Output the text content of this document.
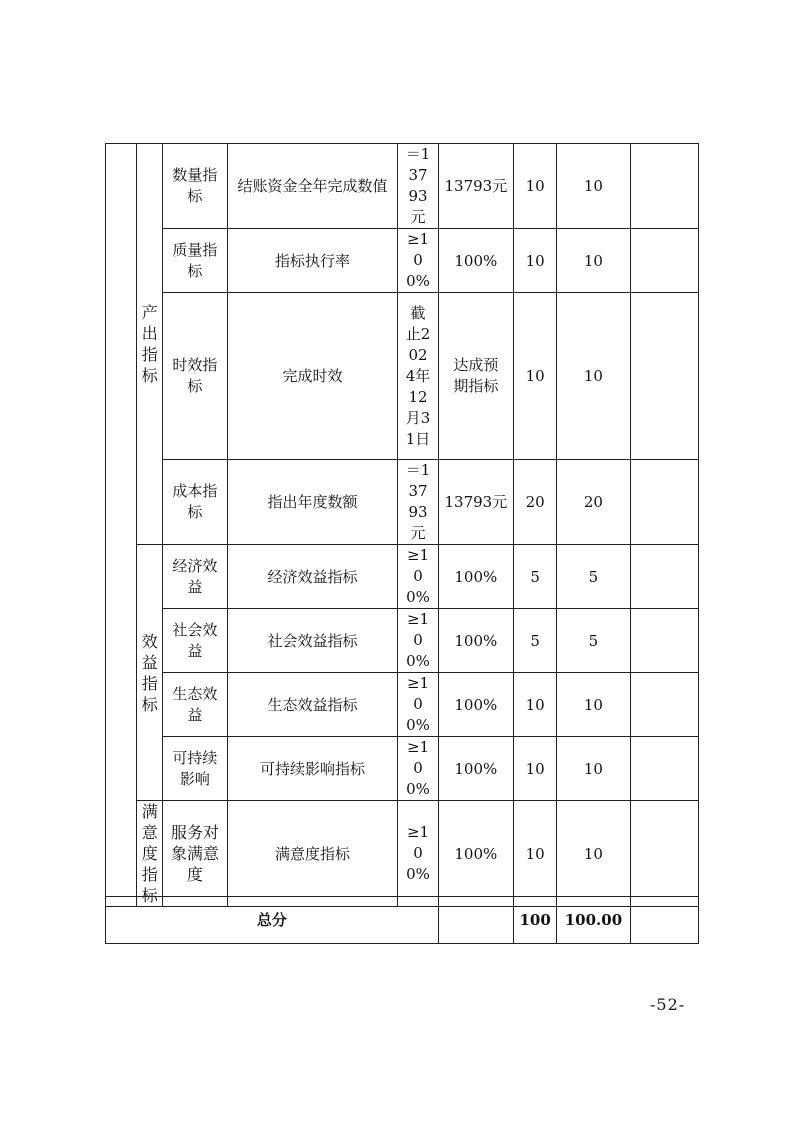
	产出指标	数量指标	结账资金全年完成数值	＝13793元	13793元	10	10	

		质量指标	指标执行率	≥100%	100%	10	10	

		时效指标	完成时效	截止2024年12月31日	达成预期指标	10	10	

		成本指标	指出年度数额	＝13793元	13793元	20	20	

	效益指标	经济效益	经济效益指标	≥100%	100%	5	5	

		社会效益	社会效益指标	≥100%	100%	5	5	

		生态效益	生态效益指标	≥100%	100%	10	10	

		可持续影响	可持续影响指标	≥100%	100%	10	10	

	满意度指标	服务对象满意度	满意度指标	≥100%	100%	10	10	
总分		100	100.00	
-52-
